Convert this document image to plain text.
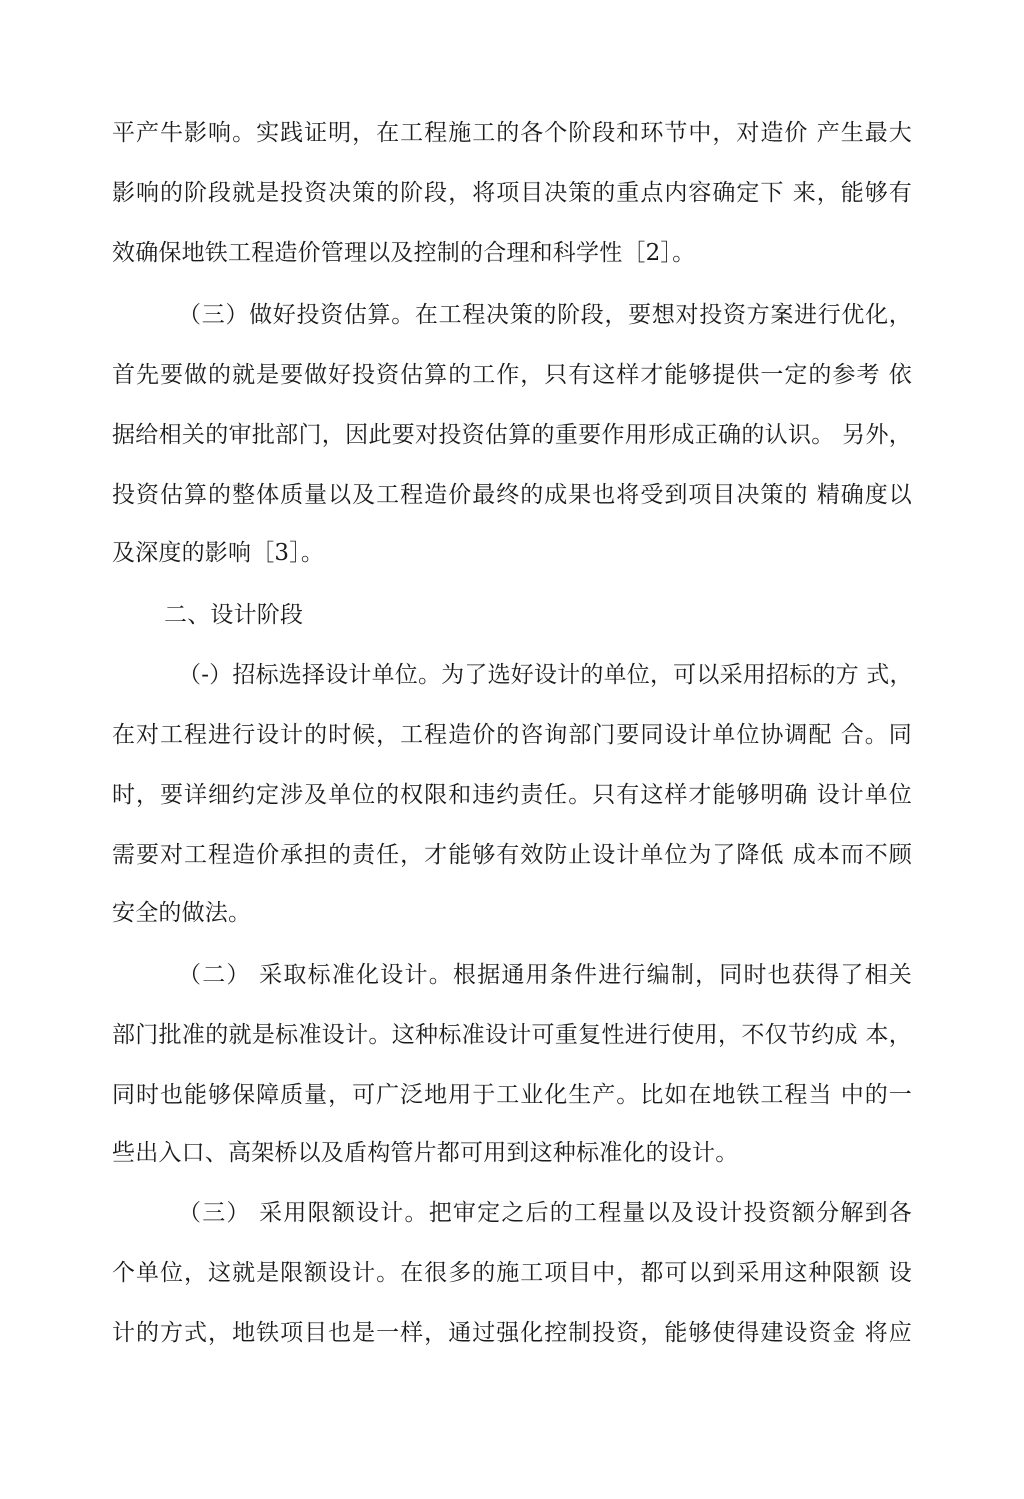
平产牛影响。实践证明，在工程施工的各个阶段和环节中，对造价 产生最大
影响的阶段就是投资决策的阶段，将项目决策的重点内容确定下 来，能够有
效确保地铁工程造价管理以及控制的合理和科学性［2］。
（三）做好投资估算。在工程决策的阶段，要想对投资方案进行优化，
首先要做的就是要做好投资估算的工作，只有这样才能够提供一定的参考 依
据给相关的审批部门，因此要对投资估算的重要作用形成正确的认识。 另外，
投资估算的整体质量以及工程造价最终的成果也将受到项目决策的 精确度以
及深度的影响［3］。
二、设计阶段
（-）招标选择设计单位。为了选好设计的单位，可以采用招标的方 式，
在对工程进行设计的时候，工程造价的咨询部门要同设计单位协调配 合。同
时，要详细约定涉及单位的权限和违约责任。只有这样才能够明确 设计单位
需要对工程造价承担的责任，才能够有效防止设计单位为了降低 成本而不顾
安全的做法。
（二） 采取标准化设计。根据通用条件进行编制，同时也获得了相关
部门批准的就是标准设计。这种标准设计可重复性进行使用，不仅节约成 本，
同时也能够保障质量，可广泛地用于工业化生产。比如在地铁工程当 中的一
些出入口、高架桥以及盾构管片都可用到这种标准化的设计。
（三） 采用限额设计。把审定之后的工程量以及设计投资额分解到各
个单位，这就是限额设计。在很多的施工项目中，都可以到采用这种限额 设
计的方式，地铁项目也是一样，通过强化控制投资，能够使得建设资金 将应
